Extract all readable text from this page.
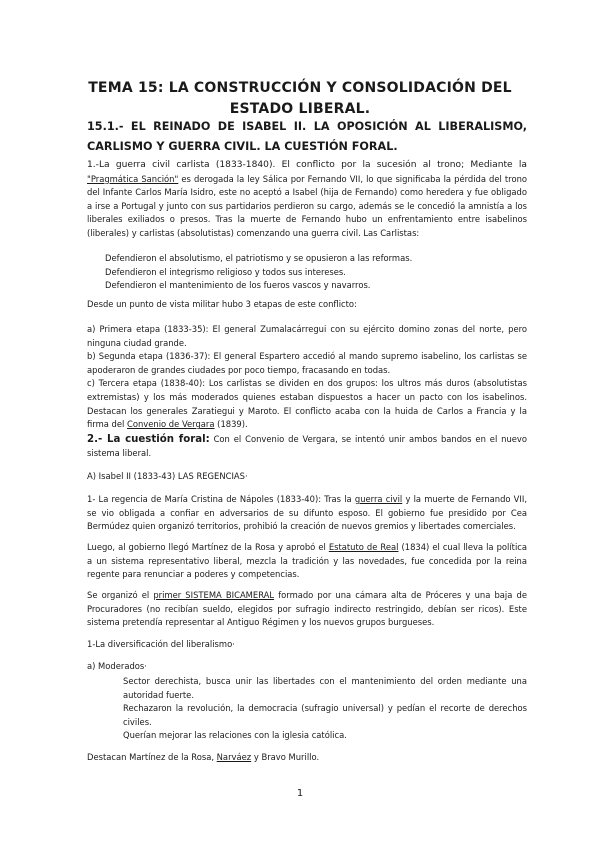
TEMA 15: LA CONSTRUCCIÓN Y CONSOLIDACIÓN DEL
ESTADO LIBERAL.
15.1.- EL REINADO DE ISABEL II. LA OPOSICIÓN AL LIBERALISMO, CARLISMO Y GUERRA CIVIL. LA CUESTIÓN FORAL.
1.-La guerra civil carlista (1833-1840). El conflicto por la sucesión al trono; Mediante la "Pragmática Sanción" es derogada la ley Sálica por Fernando VII, lo que significaba la pérdida del trono del Infante Carlos María Isidro, este no aceptó a Isabel (hija de Fernando) como heredera y fue obligado a irse a Portugal y junto con sus partidarios perdieron su cargo, además se le concedió la amnistía a los liberales exiliados o presos. Tras la muerte de Fernando hubo un enfrentamiento entre isabelinos (liberales) y carlistas (absolutistas) comenzando una guerra civil. Las Carlistas:
Defendieron el absolutismo, el patriotismo y se opusieron a las reformas.
Defendieron el integrismo religioso y todos sus intereses.
Defendieron el mantenimiento de los fueros vascos y navarros.
Desde un punto de vista militar hubo 3 etapas de este conflicto:
a) Primera etapa (1833-35): El general Zumalacárregui con su ejército domino zonas del norte, pero ninguna ciudad grande.
b) Segunda etapa (1836-37): El general Espartero accedió al mando supremo isabelino, los carlistas se apoderaron de grandes ciudades por poco tiempo, fracasando en todas.
c) Tercera etapa (1838-40): Los carlistas se dividen en dos grupos: los ultros más duros (absolutistas extremistas) y los más moderados quienes estaban dispuestos a hacer un pacto con los isabelinos. Destacan los generales Zaratiegui y Maroto. El conflicto acaba con la huida de Carlos a Francia y la firma del Convenio de Vergara (1839).
2.- La cuestión foral: Con el Convenio de Vergara, se intentó unir ambos bandos en el nuevo sistema liberal.
A) Isabel II (1833-43) LAS REGENCIAS·
1- La regencia de María Cristina de Nápoles (1833-40): Tras la guerra civil y la muerte de Fernando VII, se vio obligada a confiar en adversarios de su difunto esposo. El gobierno fue presidido por Cea Bermúdez quien organizó territorios, prohibió la creación de nuevos gremios y libertades comerciales.
Luego, al gobierno llegó Martínez de la Rosa y aprobó el Estatuto de Real (1834) el cual lleva la política a un sistema representativo liberal, mezcla la tradición y las novedades, fue concedida por la reina regente para renunciar a poderes y competencias.
Se organizó el primer SISTEMA BICAMERAL formado por una cámara alta de Próceres y una baja de Procuradores (no recibían sueldo, elegidos por sufragio indirecto restringido, debían ser ricos). Este sistema pretendía representar al Antiguo Régimen y los nuevos grupos burgueses.
1-La diversificación del liberalismo·
a) Moderados·
Sector derechista, busca unir las libertades con el mantenimiento del orden mediante una autoridad fuerte.
Rechazaron la revolución, la democracia (sufragio universal) y pedían el recorte de derechos civiles.
Querían mejorar las relaciones con la iglesia católica.
Destacan Martínez de la Rosa, Narváez y Bravo Murillo.
1
